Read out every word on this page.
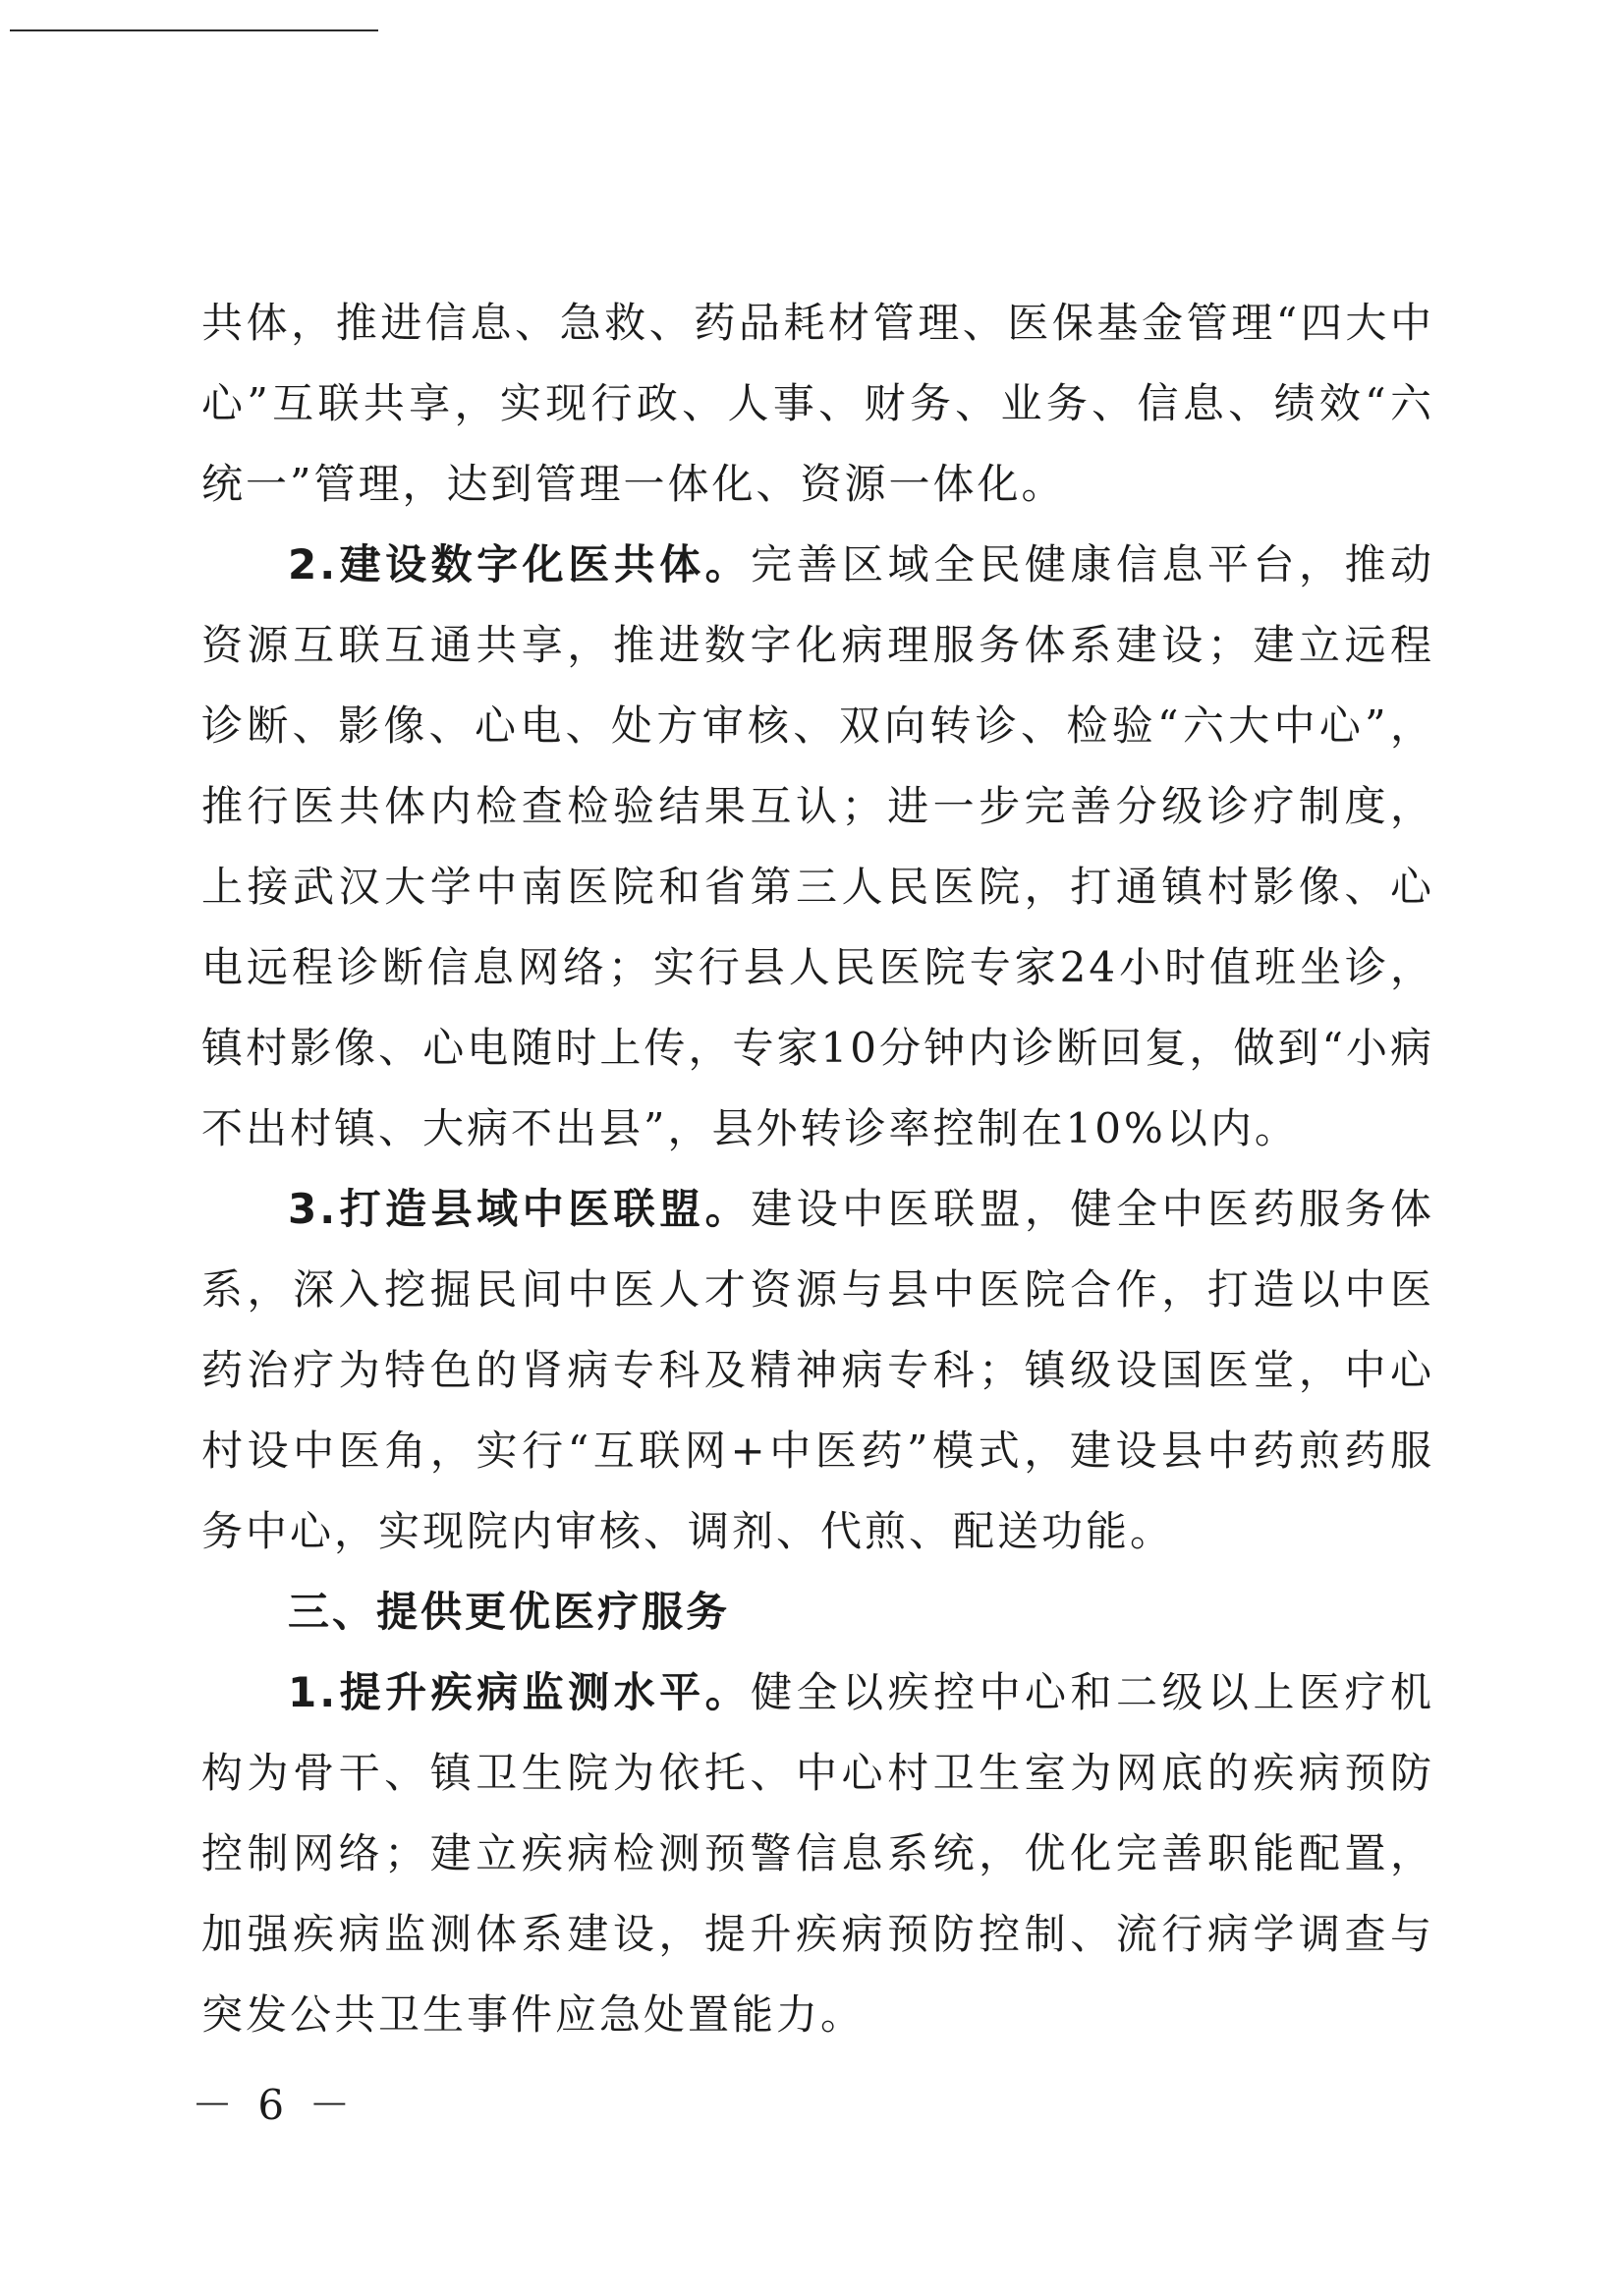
共体，推进信息、急救、药品耗材管理、医保基金管理“四大中心”互联共享，实现行政、人事、财务、业务、信息、绩效“六统一”管理，达到管理一体化、资源一体化。

2.建设数字化医共体。完善区域全民健康信息平台，推动资源互联互通共享，推进数字化病理服务体系建设；建立远程诊断、影像、心电、处方审核、双向转诊、检验“六大中心”，推行医共体内检查检验结果互认；进一步完善分级诊疗制度，上接武汉大学中南医院和省第三人民医院，打通镇村影像、心电远程诊断信息网络；实行县人民医院专家24小时值班坐诊，镇村影像、心电随时上传，专家10分钟内诊断回复，做到“小病不出村镇、大病不出县”，县外转诊率控制在10%以内。

3.打造县域中医联盟。建设中医联盟，健全中医药服务体系，深入挖掘民间中医人才资源与县中医院合作，打造以中医药治疗为特色的肾病专科及精神病专科；镇级设国医堂，中心村设中医角，实行“互联网+中医药”模式，建设县中药煎药服务中心，实现院内审核、调剂、代煎、配送功能。

三、提供更优医疗服务

1.提升疾病监测水平。健全以疾控中心和二级以上医疗机构为骨干、镇卫生院为依托、中心村卫生室为网底的疾病预防控制网络；建立疾病检测预警信息系统，优化完善职能配置，加强疾病监测体系建设，提升疾病预防控制、流行病学调查与突发公共卫生事件应急处置能力。

－ 6 －
